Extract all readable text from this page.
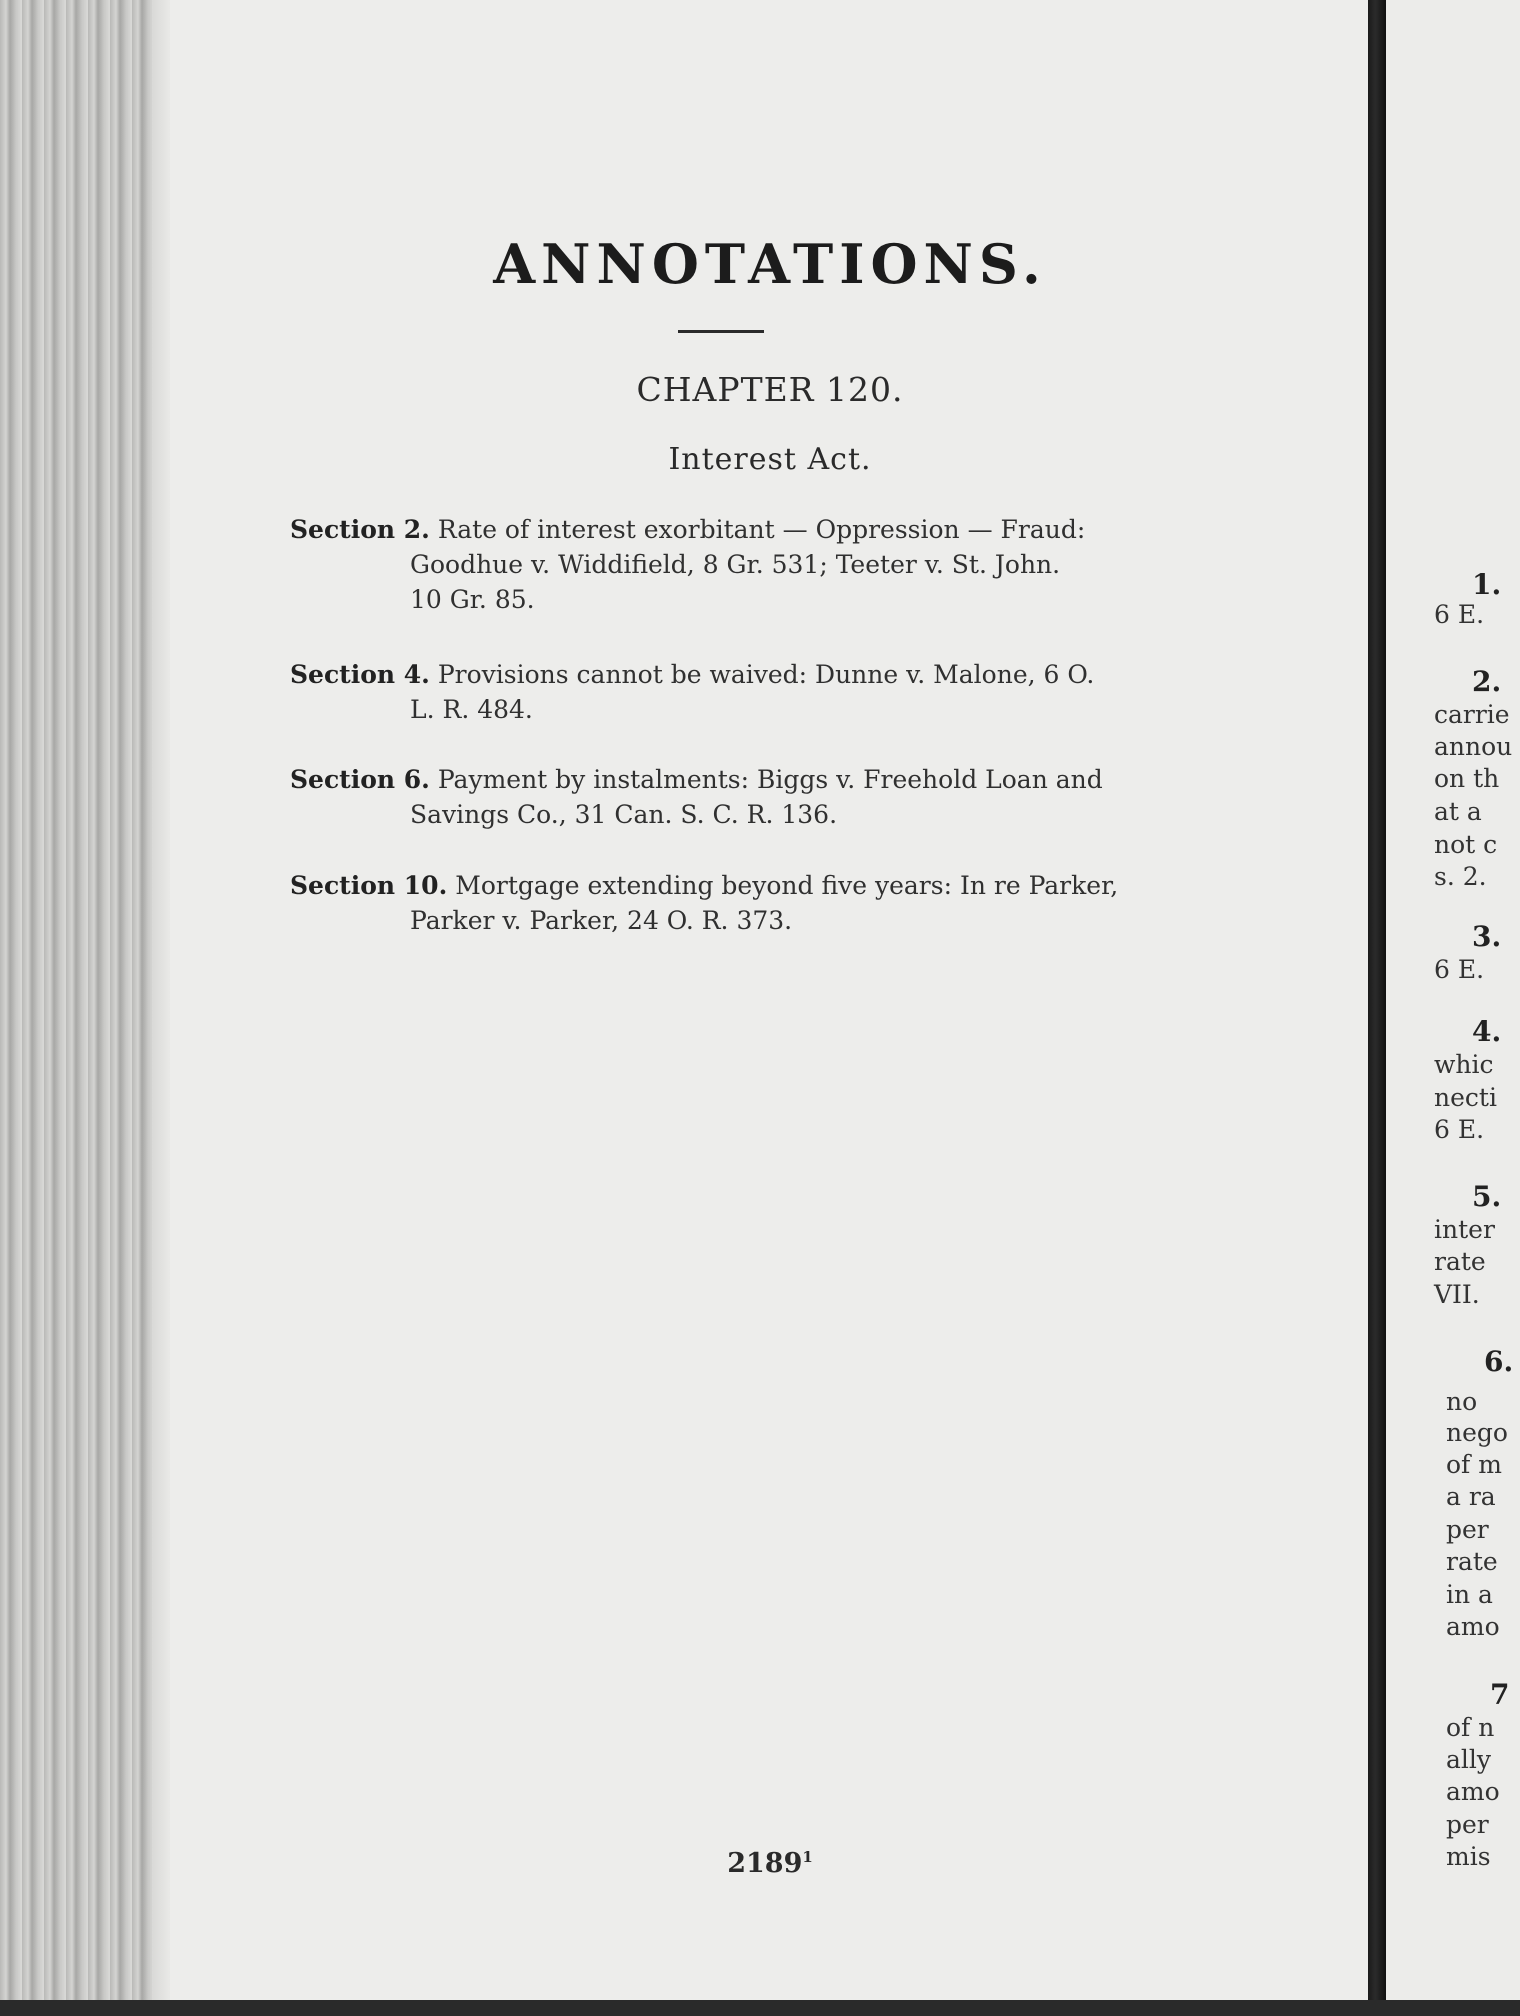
ANNOTATIONS.
CHAPTER 120.
Interest Act.
Section 2. Rate of interest exorbitant — Oppression — Fraud:
Goodhue v. Widdifield, 8 Gr. 531; Teeter v. St. John.
10 Gr. 85.
Section 4. Provisions cannot be waived: Dunne v. Malone, 6 O.
L. R. 484.
Section 6. Payment by instalments: Biggs v. Freehold Loan and
Savings Co., 31 Can. S. C. R. 136.
Section 10. Mortgage extending beyond five years: In re Parker,
Parker v. Parker, 24 O. R. 373.
2189$^1$
1.
6 E.
2.
carrie
annou
on th
at a
not c
s. 2.
3.
6 E.
4.
whic
necti
6 E.
5.
inter
rate
VII.
6.
no
nego
of m
a ra
per
rate
in a
amo
7
of n
ally
amo
per
mis
